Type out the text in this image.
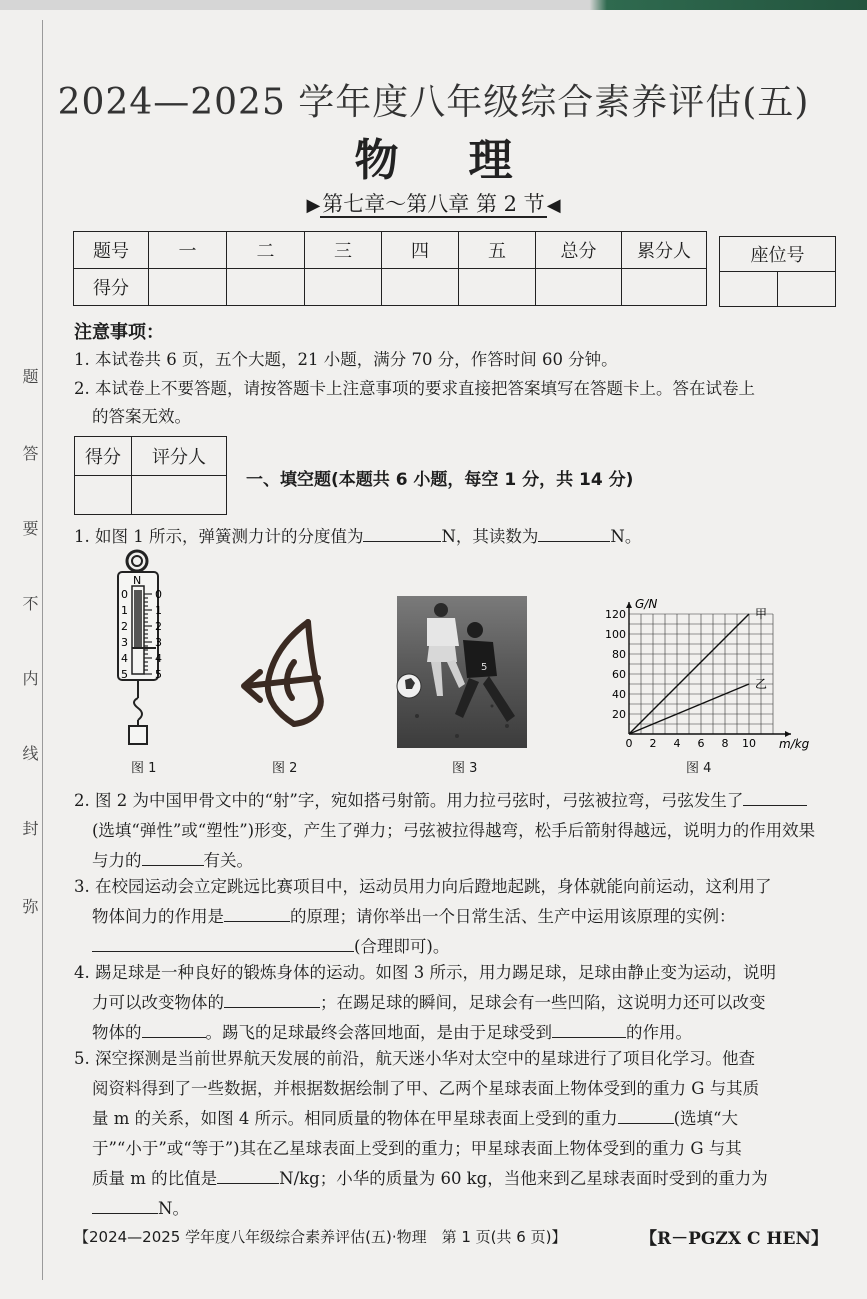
弥
封
线
内
不
要
答
题
2024—2025 学年度八年级综合素养评估(五)
物理
▶第七章～第八章 第 2 节 ◀
题号	一	二	三	四	五	总分	累分人
得分							
座位号

注意事项：
1. 本试卷共 6 页，五个大题，21 小题，满分 70 分，作答时间 60 分钟。
2. 本试卷上不要答题，请按答题卡上注意事项的要求直接把答案填写在答题卡上。答在试卷上
的答案无效。
得分	评分人

一、填空题(本题共 6 小题，每空 1 分，共 14 分)
1. 如图 1 所示，弹簧测力计的分度值为	N，其读数为	N。
N
0
1
2
3
4
5
0
1
2
3
4
5
图 1	图 2
5
图 3
0 2 4 6 8 10
20
40
60
80
100
120
G/N
m/kg
甲
乙
图 4
2. 图 2 为中国甲骨文中的“射”字，宛如搭弓射箭。用力拉弓弦时，弓弦被拉弯，弓弦发生了
(选填“弹性”或“塑性”)形变，产生了弹力；弓弦被拉得越弯，松手后箭射得越远，说明力的作用效果
与力的	有关。
3. 在校园运动会立定跳远比赛项目中，运动员用力向后蹬地起跳，身体就能向前运动，这利用了
物体间力的作用是	的原理；请你举出一个日常生活、生产中运用该原理的实例：
(合理即可)。
4. 踢足球是一种良好的锻炼身体的运动。如图 3 所示，用力踢足球，足球由静止变为运动，说明
力可以改变物体的	；在踢足球的瞬间，足球会有一些凹陷，这说明力还可以改变
物体的	。踢飞的足球最终会落回地面，是由于足球受到	的作用。
5. 深空探测是当前世界航天发展的前沿，航天迷小华对太空中的星球进行了项目化学习。他查
阅资料得到了一些数据，并根据数据绘制了甲、乙两个星球表面上物体受到的重力 G 与其质
量 m 的关系，如图 4 所示。相同质量的物体在甲星球表面上受到的重力	(选填“大
于”“小于”或“等于”)其在乙星球表面上受到的重力；甲星球表面上物体受到的重力 G 与其
质量 m 的比值是	N/kg；小华的质量为 60 kg，当他来到乙星球表面时受到的重力为
N。
【2024—2025 学年度八年级综合素养评估(五)·物理　第 1 页(共 6 页)】	【R－PGZX C HEN】
